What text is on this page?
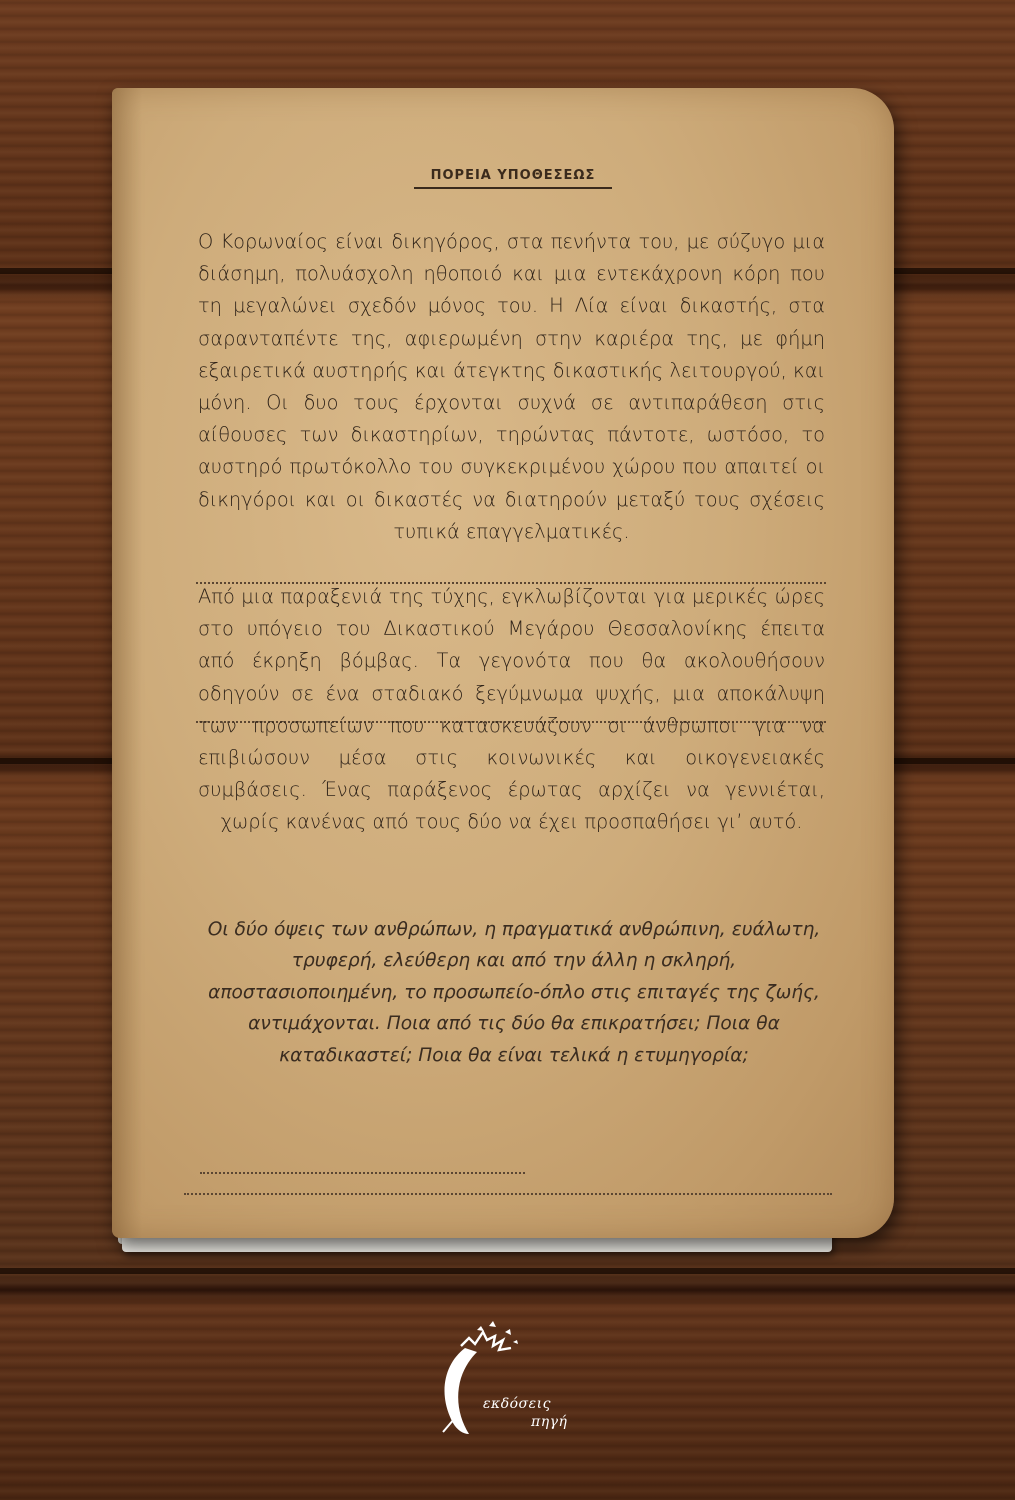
ΠΟΡΕΙΑ ΥΠΟΘΕΣΕΩΣ

Ο Κορωναίος είναι δικηγόρος, στα πενήντα του, με σύζυγο μια διάσημη, πολυάσχολη ηθοποιό και μια εντεκάχρονη κόρη που τη μεγαλώνει σχεδόν μόνος του. Η Λία είναι δικαστής, στα σαρανταπέντε της, αφιερωμένη στην καριέρα της, με φήμη εξαιρετικά αυστηρής και άτεγκτης δικαστικής λειτουργού, και μόνη. Οι δυο τους έρχονται συχνά σε αντιπαράθεση στις αίθουσες των δικαστηρίων, τηρώντας πάντοτε, ωστόσο, το αυστηρό πρωτόκολλο του συγκεκριμένου χώρου που απαιτεί οι δικηγόροι και οι δικαστές να διατηρούν μεταξύ τους σχέσεις τυπικά επαγγελματικές.

Από μια παραξενιά της τύχης, εγκλωβίζονται για μερικές ώρες στο υπόγειο του Δικαστικού Μεγάρου Θεσσαλονίκης έπειτα από έκρηξη βόμβας. Τα γεγονότα που θα ακολουθήσουν οδηγούν σε ένα σταδιακό ξεγύμνωμα ψυχής, μια αποκάλυψη των προσωπείων που κατασκευάζουν οι άνθρωποι για να επιβιώσουν μέσα στις κοινωνικές και οικογενειακές συμβάσεις. Ένας παράξενος έρωτας αρχίζει να γεννιέται, χωρίς κανένας από τους δύο να έχει προσπαθήσει γι’ αυτό.

Οι δύο όψεις των ανθρώπων, η πραγματικά ανθρώπινη, ευάλωτη, τρυφερή, ελεύθερη και από την άλλη η σκληρή, αποστασιοποιημένη, το προσωπείο-όπλο στις επιταγές της ζωής, αντιμάχονται. Ποια από τις δύο θα επικρατήσει; Ποια θα καταδικαστεί; Ποια θα είναι τελικά η ετυμηγορία;

εκδόσεις
πηγή
